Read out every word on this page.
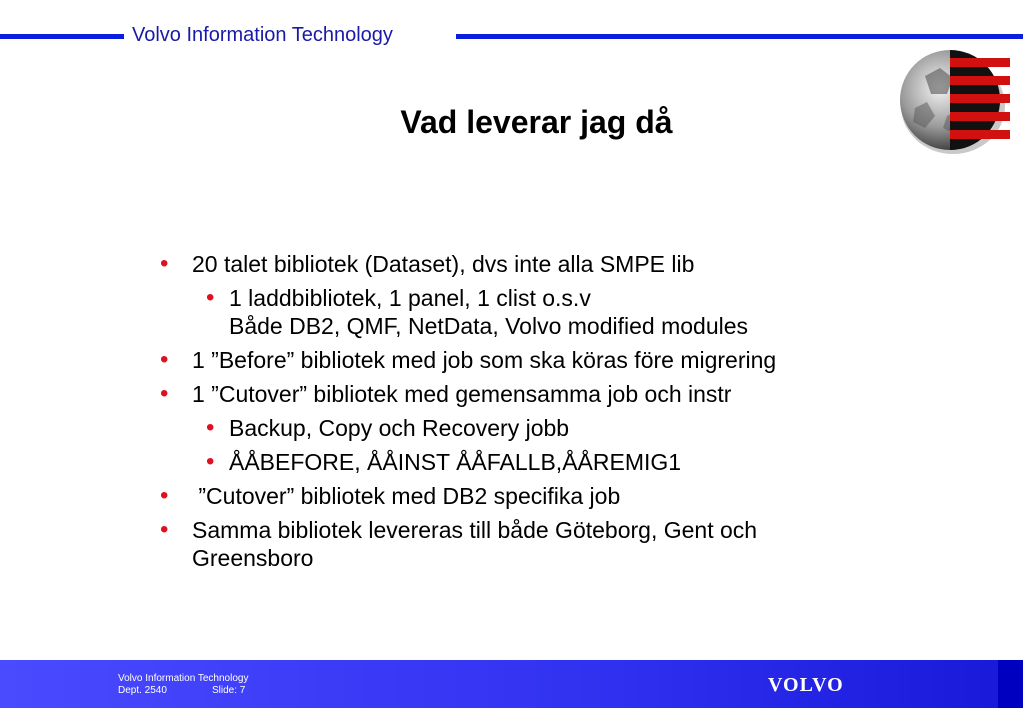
Volvo Information Technology
Vad leverar jag då
• 20 talet bibliotek (Dataset), dvs inte alla SMPE lib
• 1 laddbibliotek, 1 panel, 1 clist o.s.v
Både DB2, QMF, NetData, Volvo modified modules
• 1 ”Before” bibliotek med job som ska köras före migrering
• 1 ”Cutover” bibliotek med gemensamma job och instr
• Backup, Copy och Recovery jobb
• ÅÅBEFORE, ÅÅINST ÅÅFALLB,ÅÅREMIG1
• ”Cutover” bibliotek med DB2 specifika job
• Samma bibliotek levereras till både Göteborg, Gent och
Greensboro
Volvo Information Technology
Dept. 2540	Slide: 7	VOLVO
